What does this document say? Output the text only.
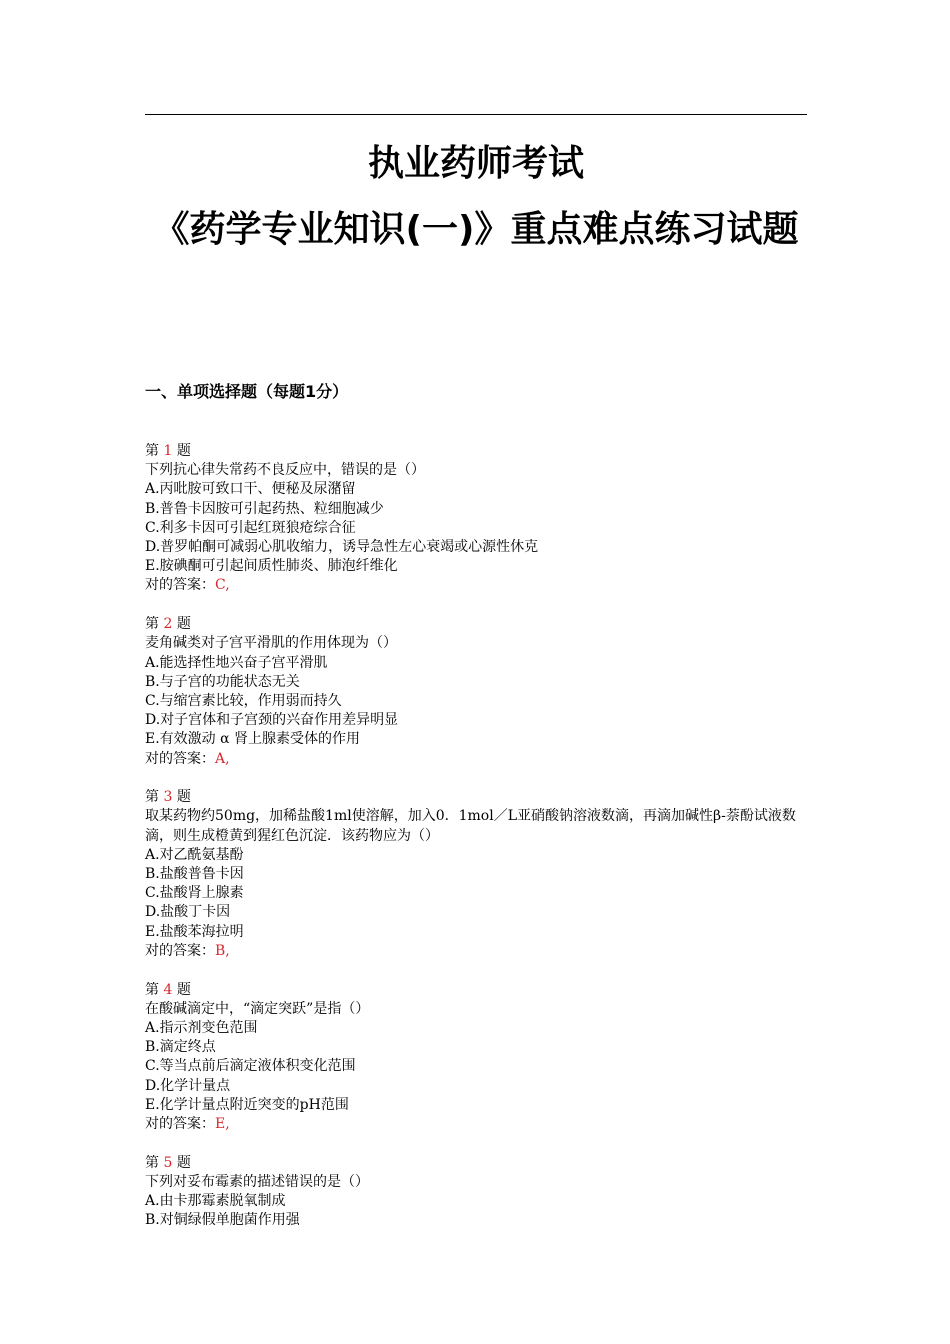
执业药师考试
《药学专业知识(一)》重点难点练习试题
一、单项选择题（每题1分）
第 1 题
下列抗心律失常药不良反应中，错误的是（）
A.丙吡胺可致口干、便秘及尿潴留
B.普鲁卡因胺可引起药热、粒细胞减少
C.利多卡因可引起红斑狼疮综合征
D.普罗帕酮可减弱心肌收缩力，诱导急性左心衰竭或心源性休克
E.胺碘酮可引起间质性肺炎、肺泡纤维化
对的答案：C,
第 2 题
麦角碱类对子宫平滑肌的作用体现为（）
A.能选择性地兴奋子宫平滑肌
B.与子宫的功能状态无关
C.与缩宫素比较，作用弱而持久
D.对子宫体和子宫颈的兴奋作用差异明显
E.有效激动 α 肾上腺素受体的作用
对的答案：A,
第 3 题
取某药物约50mg，加稀盐酸1ml使溶解，加入0．1mol／L亚硝酸钠溶液数滴，再滴加碱性β-萘酚试液数滴，则生成橙黄到猩红色沉淀．该药物应为（）
A.对乙酰氨基酚
B.盐酸普鲁卡因
C.盐酸肾上腺素
D.盐酸丁卡因
E.盐酸苯海拉明
对的答案：B,
第 4 题
在酸碱滴定中，“滴定突跃”是指（）
A.指示剂变色范围
B.滴定终点
C.等当点前后滴定液体积变化范围
D.化学计量点
E.化学计量点附近突变的pH范围
对的答案：E,
第 5 题
下列对妥布霉素的描述错误的是（）
A.由卡那霉素脱氧制成
B.对铜绿假单胞菌作用强
